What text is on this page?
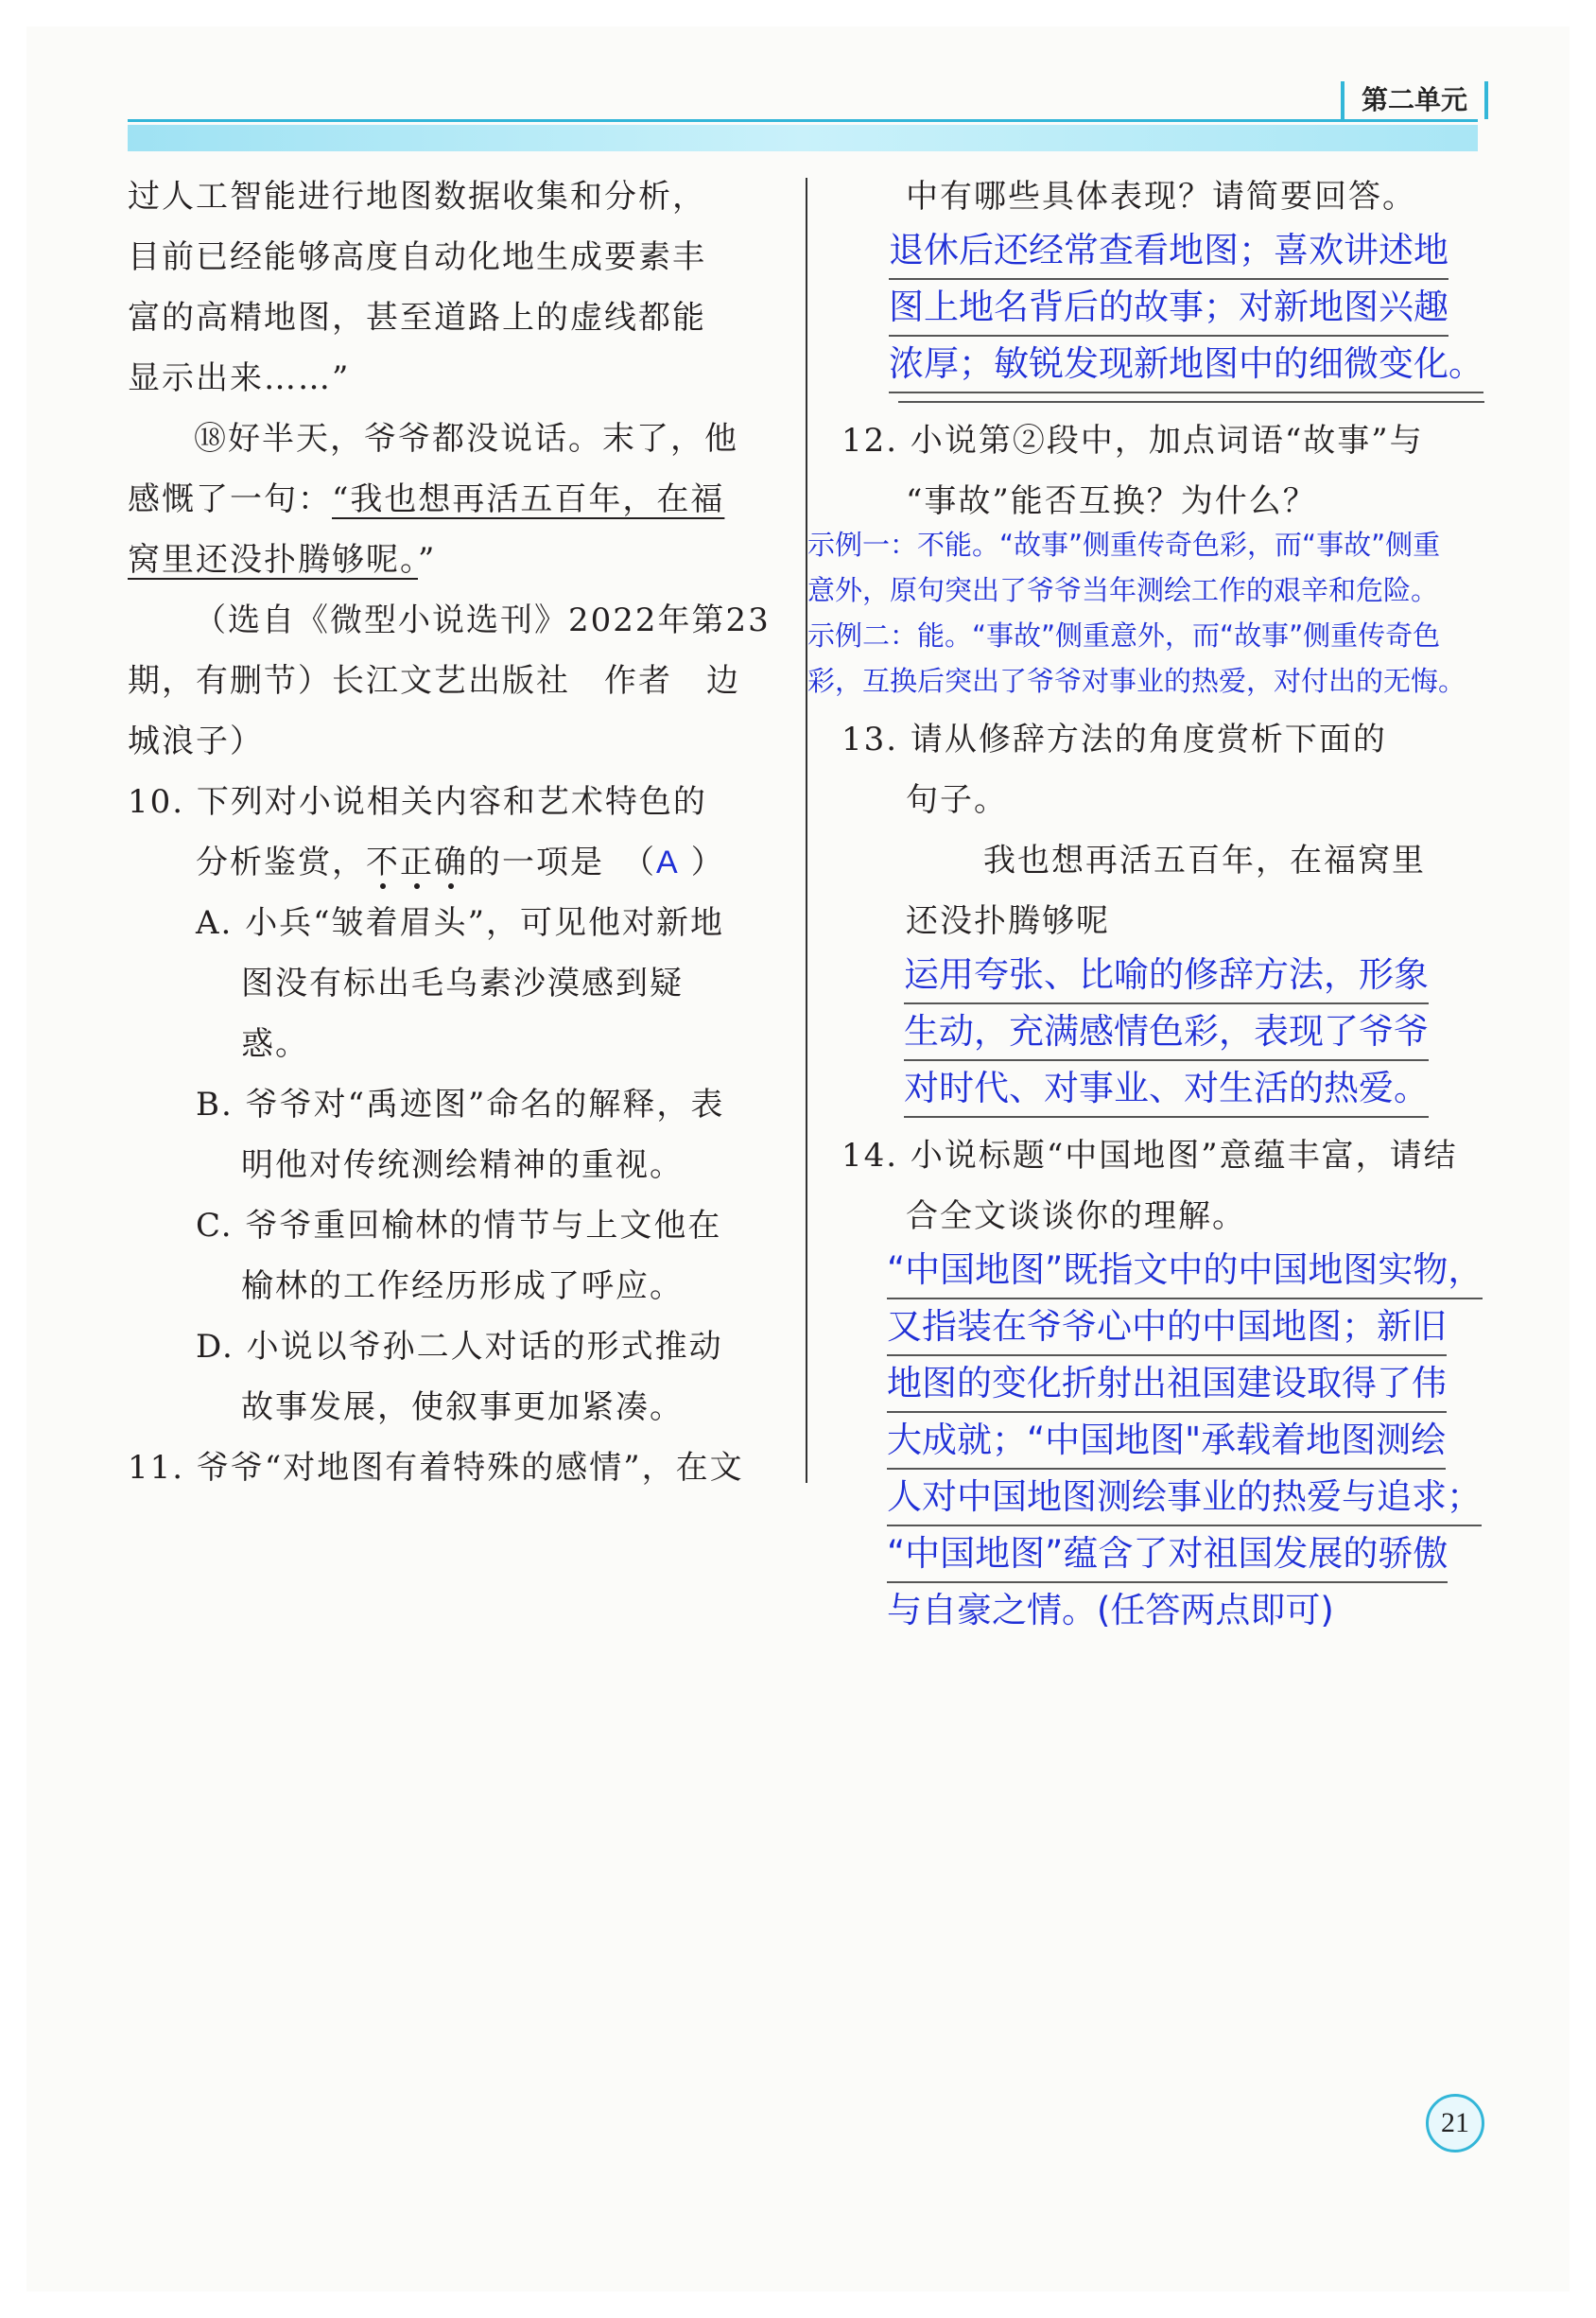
第二单元

过人工智能进行地图数据收集和分析，

目前已经能够高度自动化地生成要素丰

富的高精地图，甚至道路上的虚线都能

显示出来……”

⑱好半天，爷爷都没说话。末了，他

感慨了一句：“我也想再活五百年，在福

窝里还没扑腾够呢。”

（选自《微型小说选刊》2022年第23

期，有删节）长江文艺出版社　作者　边

城浪子）

10. 下列对小说相关内容和艺术特色的

分析鉴赏，不正确的一项是　（A ）

A. 小兵“皱着眉头”，可见他对新地

图没有标出毛乌素沙漠感到疑

惑。

B. 爷爷对“禹迹图”命名的解释，表

明他对传统测绘精神的重视。

C. 爷爷重回榆林的情节与上文他在

榆林的工作经历形成了呼应。

D. 小说以爷孙二人对话的形式推动

故事发展，使叙事更加紧凑。

11. 爷爷“对地图有着特殊的感情”，在文

中有哪些具体表现？请简要回答。

退休后还经常查看地图；喜欢讲述地
图上地名背后的故事；对新地图兴趣
浓厚；敏锐发现新地图中的细微变化。

12. 小说第②段中，加点词语“故事”与

“事故”能否互换？为什么？

示例一：不能。“故事”侧重传奇色彩，而“事故”侧重
意外，原句突出了爷爷当年测绘工作的艰辛和危险。
示例二：能。“事故”侧重意外，而“故事”侧重传奇色
彩，互换后突出了爷爷对事业的热爱，对付出的无悔。

13. 请从修辞方法的角度赏析下面的

句子。

我也想再活五百年，在福窝里

还没扑腾够呢

运用夸张、比喻的修辞方法，形象
生动，充满感情色彩，表现了爷爷
对时代、对事业、对生活的热爱。

14. 小说标题“中国地图”意蕴丰富，请结

合全文谈谈你的理解。

“中国地图”既指文中的中国地图实物，
又指装在爷爷心中的中国地图；新旧
地图的变化折射出祖国建设取得了伟
大成就；“中国地图"承载着地图测绘
人对中国地图测绘事业的热爱与追求；
“中国地图”蕴含了对祖国发展的骄傲
与自豪之情。(任答两点即可)
21
